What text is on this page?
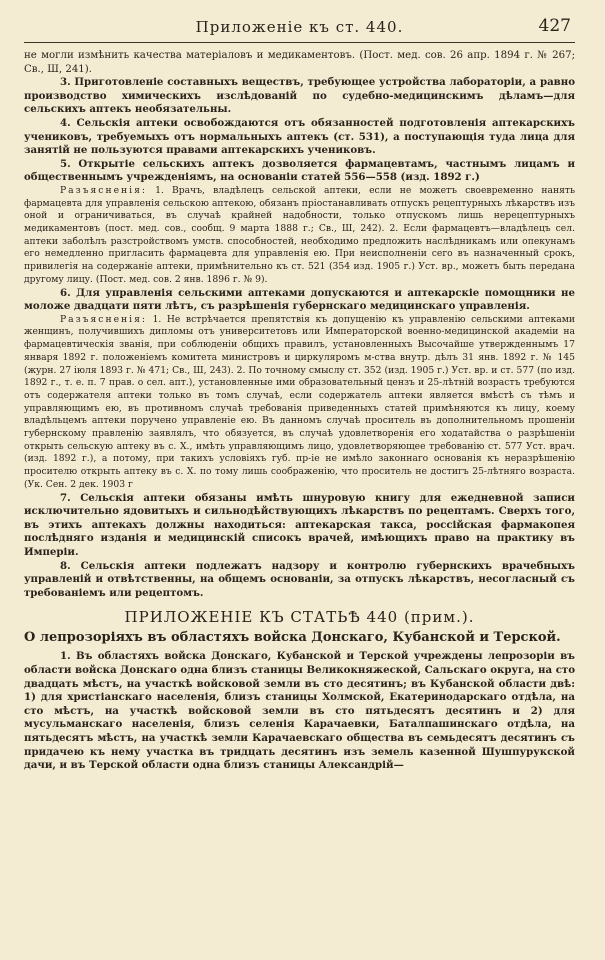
Приложеніе къ ст. 440.	427

не могли измѣнить качества матеріаловъ и медикаментовъ. (Пост. мед. сов. 26 апр. 1894 г. № 267; Св., Ш, 241).

3. Приготовленіе составныхъ веществъ, требующее устройства лабораторіи, а равно производство химическихъ изслѣдованій по судебно-медицинскимъ дѣламъ—для сельскихъ аптекъ необязательны.

4. Сельскія аптеки освобождаются отъ обязанностей подготовленія аптекарскихъ учениковъ, требуемыхъ отъ нормальныхъ аптекъ (ст. 531), а поступающія туда лица для занятій не пользуются правами аптекарскихъ учениковъ.

5. Открытіе сельскихъ аптекъ дозволяется фармацевтамъ, частнымъ лицамъ и общественнымъ учрежденіямъ, на основаніи статей 556—558 (изд. 1892 г.)

Разъясненія: 1. Врачъ, владѣлецъ сельской аптеки, если не можетъ своевременно нанять фармацевта для управленія сельскою аптекою, обязанъ пріостанавливать отпускъ рецептурныхъ лѣкарствъ изъ оной и ограничиваться, въ случаѣ крайней надобности, только отпускомъ лишь нерецептурныхъ медикаментовъ (пост. мед. сов., сообщ. 9 марта 1888 г.; Св., Ш, 242). 2. Если фармацевтъ—владѣлецъ сел. аптеки заболѣлъ разстройствомъ умств. способностей, необходимо предложить наслѣдникамъ или опекунамъ его немедленно пригласить фармацевта для управленія ею. При неисполненіи сего въ назначенный срокъ, привилегія на содержаніе аптеки, примѣнительно къ ст. 521 (354 изд. 1905 г.) Уст. вр., можетъ быть передана другому лицу. (Пост. мед. сов. 2 янв. 1896 г. № 9).

6. Для управленія сельскими аптеками допускаются и аптекарскіе помощники не моложе двадцати пяти лѣтъ, съ разрѣшенія губернскаго медицинскаго управленія.

Разъясненія: 1. Не встрѣчается препятствія къ допущенію къ управленію сельскими аптеками женщинъ, получившихъ дипломы отъ университетовъ или Императорской военно-медицинской академіи на фармацевтическія званія, при соблюденіи общихъ правилъ, установленныхъ Высочайше утвержденнымъ 17 января 1892 г. положеніемъ комитета министровъ и циркуляромъ м-ства внутр. дѣлъ 31 янв. 1892 г. № 145 (журн. 27 іюля 1893 г. № 471; Св., Ш, 243). 2. По точному смыслу ст. 352 (изд. 1905 г.) Уст. вр. и ст. 577 (по изд. 1892 г., т. е. п. 7 прав. о сел. апт.), установленные ими образовательный цензъ и 25-лѣтній возрастъ требуются отъ содержателя аптеки только въ томъ случаѣ, если содержатель аптеки является вмѣстѣ съ тѣмъ и управляющимъ ею, въ противномъ случаѣ требованія приведенныхъ статей примѣняются къ лицу, коему владѣльцемъ аптеки поручено управленіе ею. Въ данномъ случаѣ проситель въ дополнительномъ прошеніи губернскому правленію заявлялъ, что обязуется, въ случаѣ удовлетворенія его ходатайства о разрѣшеніи открыть сельскую аптеку въ с. Х., имѣть управляющимъ лицо, удовлетворяющее требованію ст. 577 Уст. врач. (изд. 1892 г.), а потому, при такихъ условіяхъ губ. пр-іе не имѣло законнаго основанія къ неразрѣшенію просителю открыть аптеку въ с. Х. по тому лишь соображенію, что проситель не достигъ 25-лѣтняго возраста. (Ук. Сен. 2 дек. 1903 г

7. Сельскія аптеки обязаны имѣть шнуровую книгу для ежедневной записи исключительно ядовитыхъ и сильнодѣйствующихъ лѣкарствъ по рецептамъ. Сверхъ того, въ этихъ аптекахъ должны находиться: аптекарская такса, россійская фармакопея послѣдняго изданія и медицинскій списокъ врачей, имѣющихъ право на практику въ Имперіи.

8. Сельскія аптеки подлежатъ надзору и контролю губернскихъ врачебныхъ управленій и отвѣтственны, на общемъ основаніи, за отпускъ лѣкарствъ, несогласный съ требованіемъ или рецептомъ.

ПРИЛОЖЕНІЕ КЪ СТАТЬѢ 440 (прим.).
О лепрозоріяхъ въ областяхъ войска Донскаго, Кубанской и Терской.

1. Въ областяхъ войска Донскаго, Кубанской и Терской учреждены лепрозоріи въ области войска Донскаго одна близъ станицы Великокняжеской, Сальскаго округа, на сто двадцать мѣстъ, на участкѣ войсковой земли въ сто десятинъ; въ Кубанской области двѣ: 1) для христіанскаго населенія, близъ станицы Холмской, Екатеринодарскаго отдѣла, на сто мѣстъ, на участкѣ войсковой земли въ сто пятьдесятъ десятинъ и 2) для мусульманскаго населенія, близъ селенія Карачаевки, Баталпашинскаго отдѣла, на пятьдесятъ мѣстъ, на участкѣ земли Карачаевскаго общества въ семьдесятъ десятинъ съ придачею къ нему участка въ тридцать десятинъ изъ земель казенной Шушпурукской дачи, и въ Терской области одна близъ станицы Александрій—
